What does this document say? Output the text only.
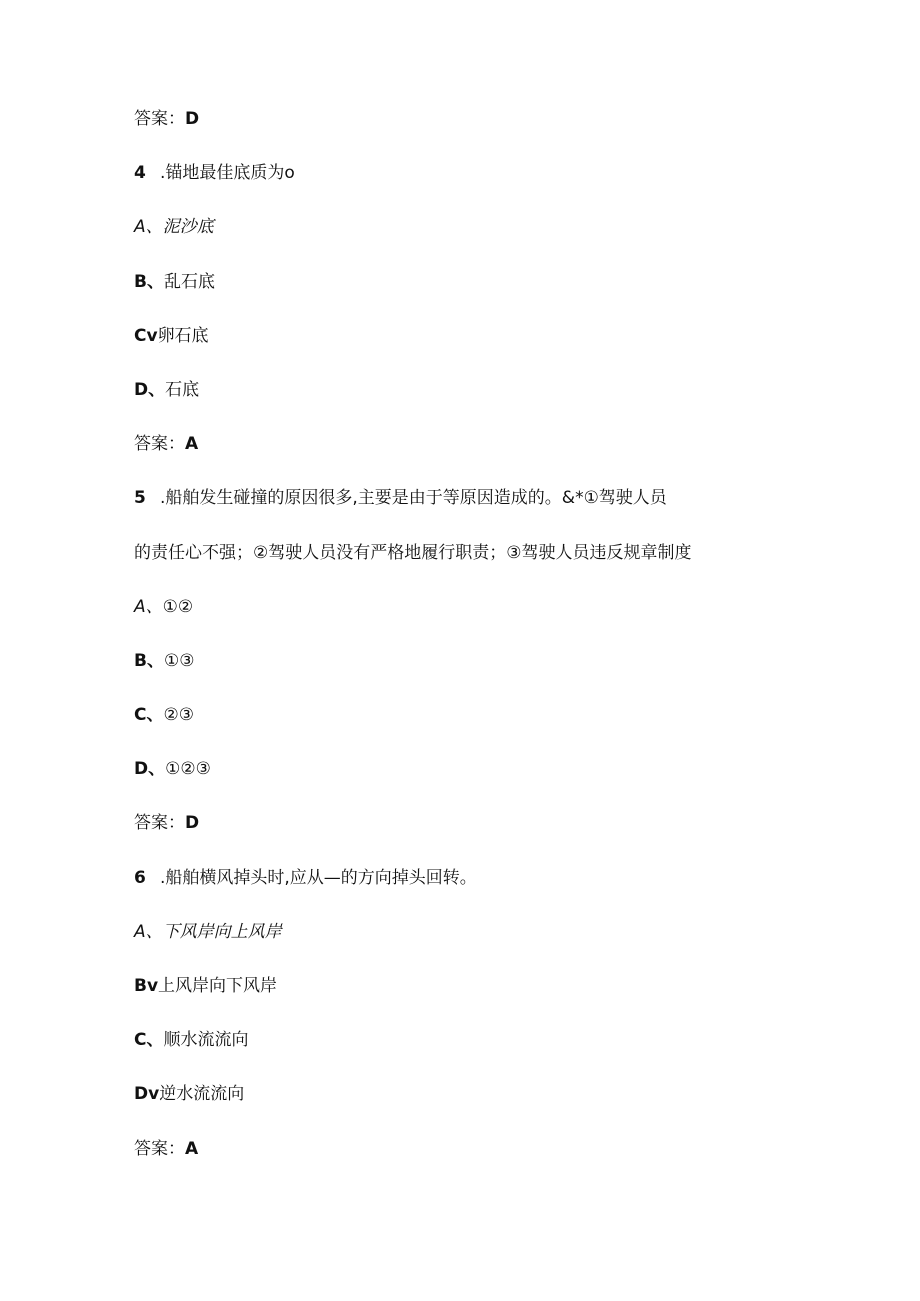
答案：D
4 .锚地最佳底质为o
A、泥沙底
B、乱石底
Cv卵石底
D、石底
答案：A
5 .船舶发生碰撞的原因很多,主要是由于等原因造成的。&*①驾驶人员
的责任心不强；②驾驶人员没有严格地履行职责；③驾驶人员违反规章制度
A、①②
B、①③
C、②③
D、①②③
答案：D
6 .船舶横风掉头时,应从—的方向掉头回转。
A、下风岸向上风岸
Bv上风岸向下风岸
C、顺水流流向
Dv逆水流流向
答案：A
